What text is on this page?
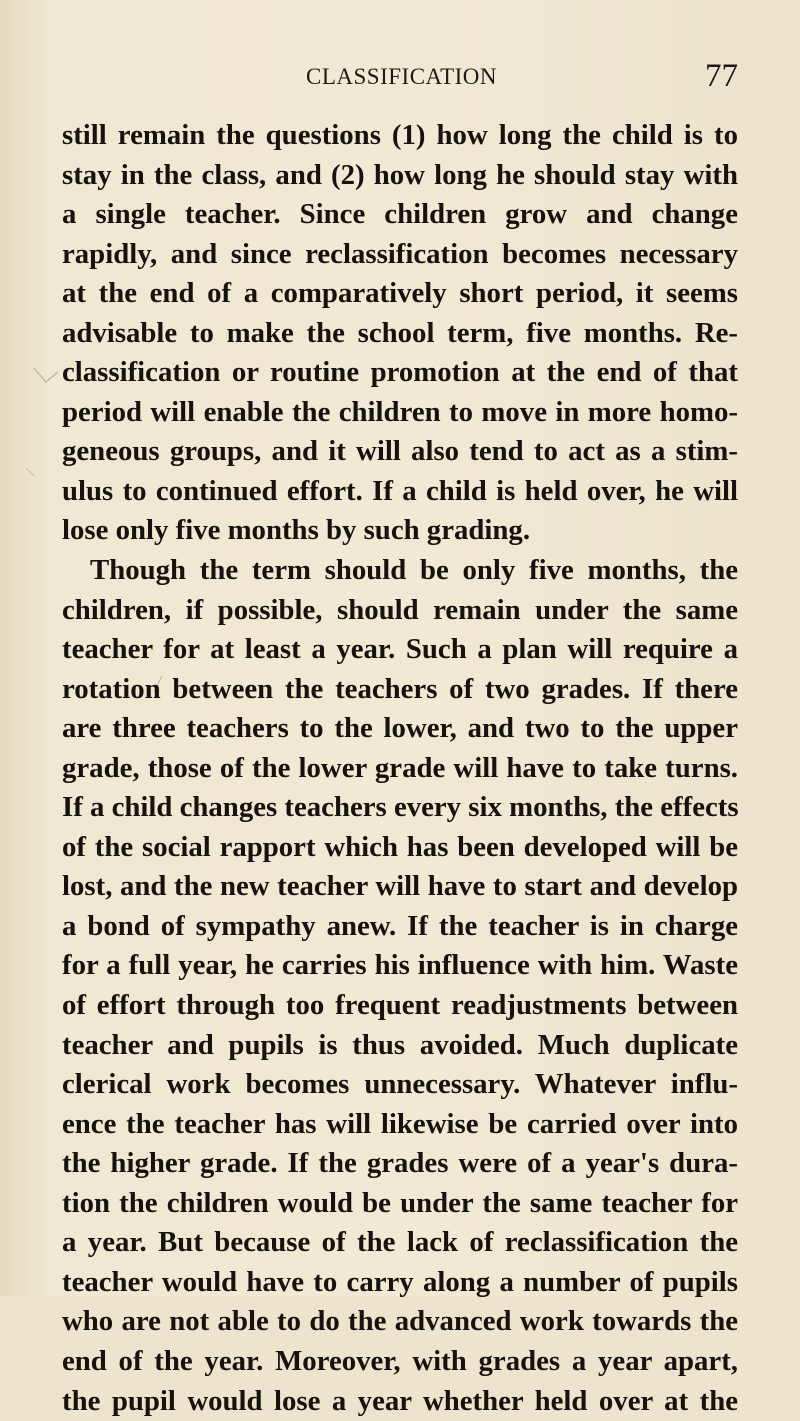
CLASSIFICATION	77
still remain the questions (1) how long the child is to
stay in the class, and (2) how long he should stay with
a single teacher. Since children grow and change
rapidly, and since reclassification becomes necessary
at the end of a comparatively short period, it seems
advisable to make the school term, five months. Re-
classification or routine promotion at the end of that
period will enable the children to move in more homo-
geneous groups, and it will also tend to act as a stim-
ulus to continued effort. If a child is held over, he will
lose only five months by such grading.
Though the term should be only five months, the
children, if possible, should remain under the same
teacher for at least a year. Such a plan will require a
rotation between the teachers of two grades. If there
are three teachers to the lower, and two to the upper
grade, those of the lower grade will have to take turns.
If a child changes teachers every six months, the effects
of the social rapport which has been developed will be
lost, and the new teacher will have to start and develop
a bond of sympathy anew. If the teacher is in charge
for a full year, he carries his influence with him. Waste
of effort through too frequent readjustments between
teacher and pupils is thus avoided. Much duplicate
clerical work becomes unnecessary. Whatever influ-
ence the teacher has will likewise be carried over into
the higher grade. If the grades were of a year's dura-
tion the children would be under the same teacher for
a year. But because of the lack of reclassification the
teacher would have to carry along a number of pupils
who are not able to do the advanced work towards the
end of the year. Moreover, with grades a year apart,
the pupil would lose a year whether held over at the
